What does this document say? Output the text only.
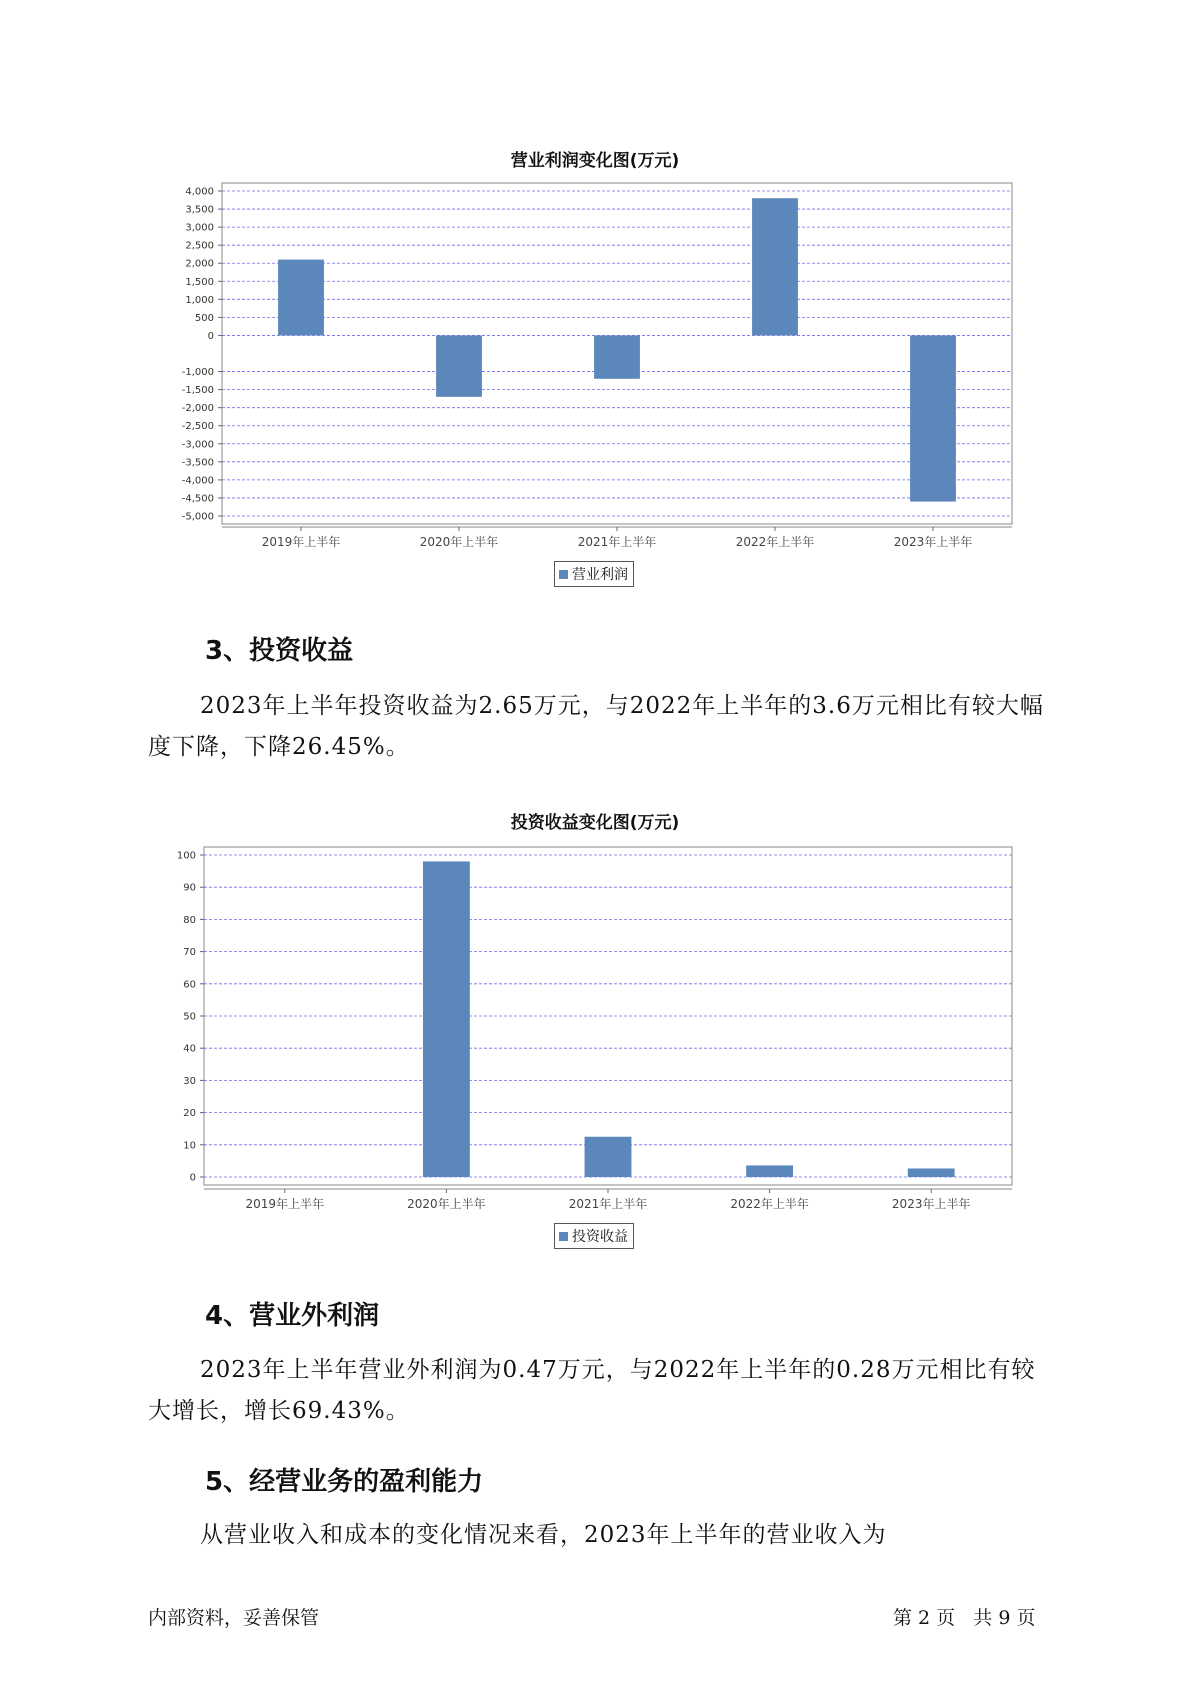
营业利润变化图(万元)
4,000
3,500
3,000
2,500
2,000
1,500
1,000
500
0
-1,000
-1,500
-2,000
-2,500
-3,000
-3,500
-4,000
-4,500
-5,000
2019年上半年	2020年上半年	2021年上半年	2022年上半年	2023年上半年
营业利润
3、投资收益

2023年上半年投资收益为2.65万元，与2022年上半年的3.6万元相比有较大幅度下降，下降26.45%。

投资收益变化图(万元)
100
90
80
70
60
50
40
30
20
10
0
2019年上半年	2020年上半年	2021年上半年	2022年上半年	2023年上半年
投资收益
4、营业外利润

2023年上半年营业外利润为0.47万元，与2022年上半年的0.28万元相比有较大增长，增长69.43%。

5、经营业务的盈利能力

从营业收入和成本的变化情况来看，2023年上半年的营业收入为

内部资料，妥善保管	第 2 页   共 9 页
